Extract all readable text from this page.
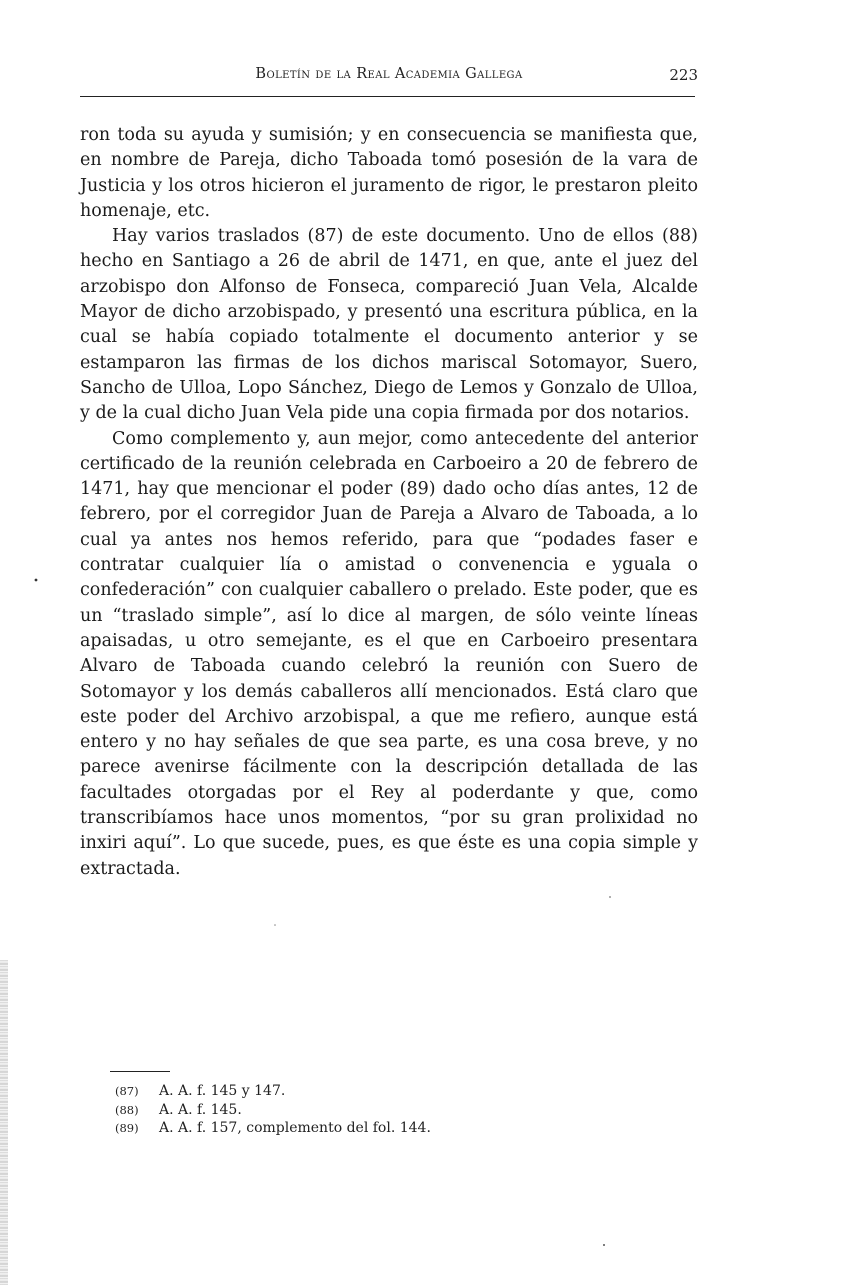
Boletín de la Real Academia Gallega	223

ron toda su ayuda y sumisión; y en consecuencia se manifiesta que, en nombre de Pareja, dicho Taboada tomó posesión de la vara de Justicia y los otros hicieron el juramento de rigor, le prestaron pleito homenaje, etc.

Hay varios traslados (87) de este documento. Uno de ellos (88) hecho en Santiago a 26 de abril de 1471, en que, ante el juez del arzobispo don Alfonso de Fonseca, compareció Juan Vela, Alcalde Mayor de dicho arzobispado, y presentó una escritura pública, en la cual se había copiado totalmente el documento anterior y se estamparon las firmas de los dichos mariscal Sotomayor, Suero, Sancho de Ulloa, Lopo Sánchez, Diego de Lemos y Gonzalo de Ulloa, y de la cual dicho Juan Vela pide una copia firmada por dos notarios.

Como complemento y, aun mejor, como antecedente del anterior certificado de la reunión celebrada en Carboeiro a 20 de febrero de 1471, hay que mencionar el poder (89) dado ocho días antes, 12 de febrero, por el corregidor Juan de Pareja a Alvaro de Taboada, a lo cual ya antes nos hemos referido, para que “podades faser e contratar cualquier lía o amistad o convenencia e yguala o confederación” con cualquier caballero o prelado. Este poder, que es un “traslado simple”, así lo dice al margen, de sólo veinte líneas apaisadas, u otro semejante, es el que en Carboeiro presentara Alvaro de Taboada cuando celebró la reunión con Suero de Sotomayor y los demás caballeros allí mencionados. Está claro que este poder del Archivo arzobispal, a que me refiero, aunque está entero y no hay señales de que sea parte, es una cosa breve, y no parece avenirse fácilmente con la descripción detallada de las facultades otorgadas por el Rey al poderdante y que, como transcribíamos hace unos momentos, “por su gran prolixidad no inxiri aquí”. Lo que sucede, pues, es que éste es una copia simple y extractada.

(87) A. A. f. 145 y 147.
(88) A. A. f. 145.
(89) A. A. f. 157, complemento del fol. 144.
